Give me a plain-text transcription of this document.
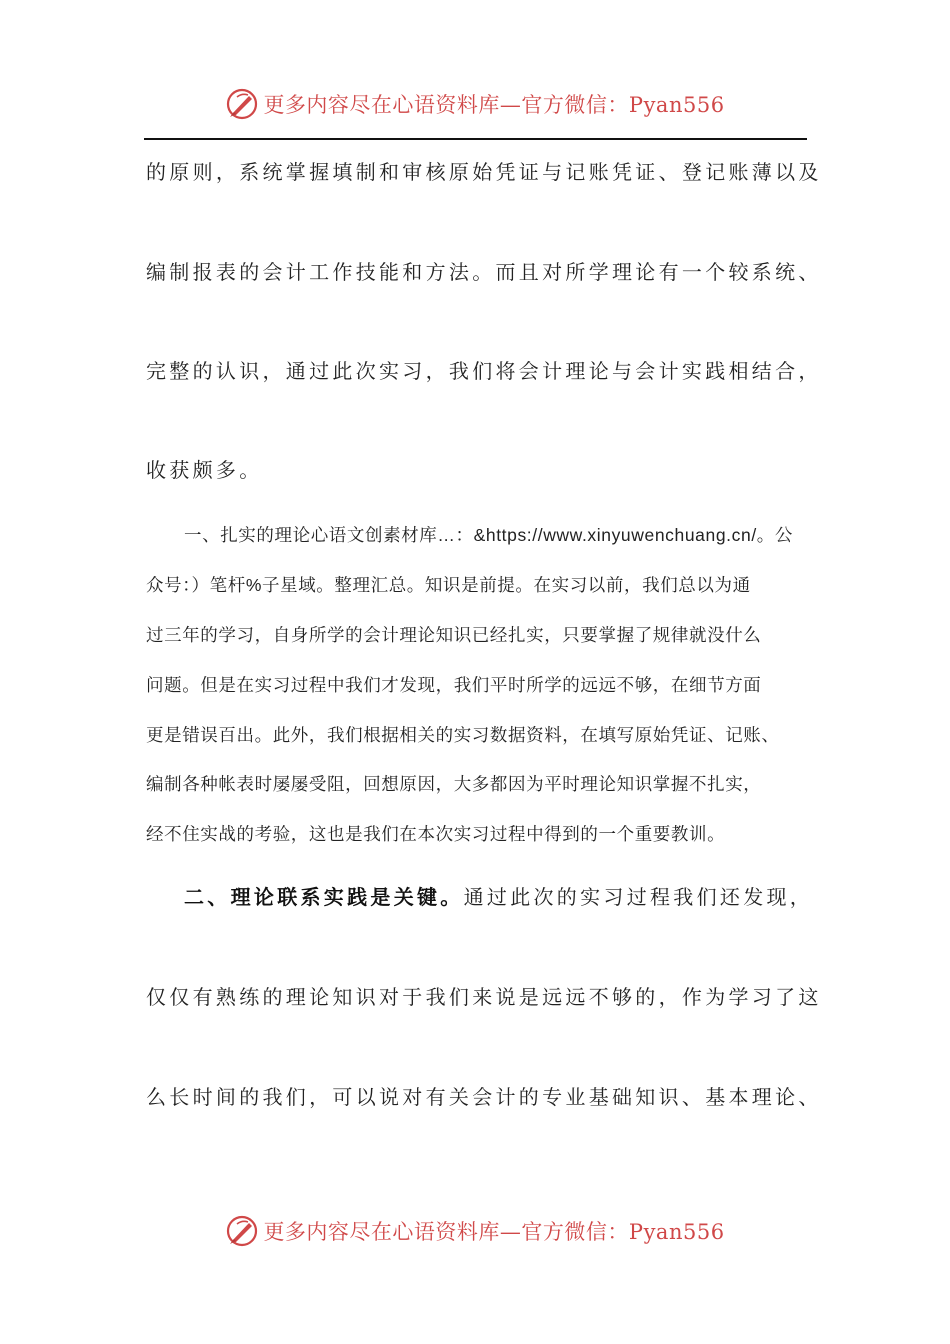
更多内容尽在心语资料库—官方微信：Pyan556
的原则，系统掌握填制和审核原始凭证与记账凭证、登记账薄以及
编制报表的会计工作技能和方法。而且对所学理论有一个较系统、
完整的认识，通过此次实习，我们将会计理论与会计实践相结合，
收获颇多。
一、扎实的理论心语文创素材库…：&https://www.xinyuwenchuang.cn/。公
众号：）笔杆%子星域。整理汇总。知识是前提。在实习以前，我们总以为通
过三年的学习，自身所学的会计理论知识已经扎实，只要掌握了规律就没什么
问题。但是在实习过程中我们才发现，我们平时所学的远远不够，在细节方面
更是错误百出。此外，我们根据相关的实习数据资料，在填写原始凭证、记账、
编制各种帐表时屡屡受阻，回想原因，大多都因为平时理论知识掌握不扎实，
经不住实战的考验，这也是我们在本次实习过程中得到的一个重要教训。
二、理论联系实践是关键。通过此次的实习过程我们还发现，
仅仅有熟练的理论知识对于我们来说是远远不够的，作为学习了这
么长时间的我们，可以说对有关会计的专业基础知识、基本理论、
更多内容尽在心语资料库—官方微信：Pyan556
